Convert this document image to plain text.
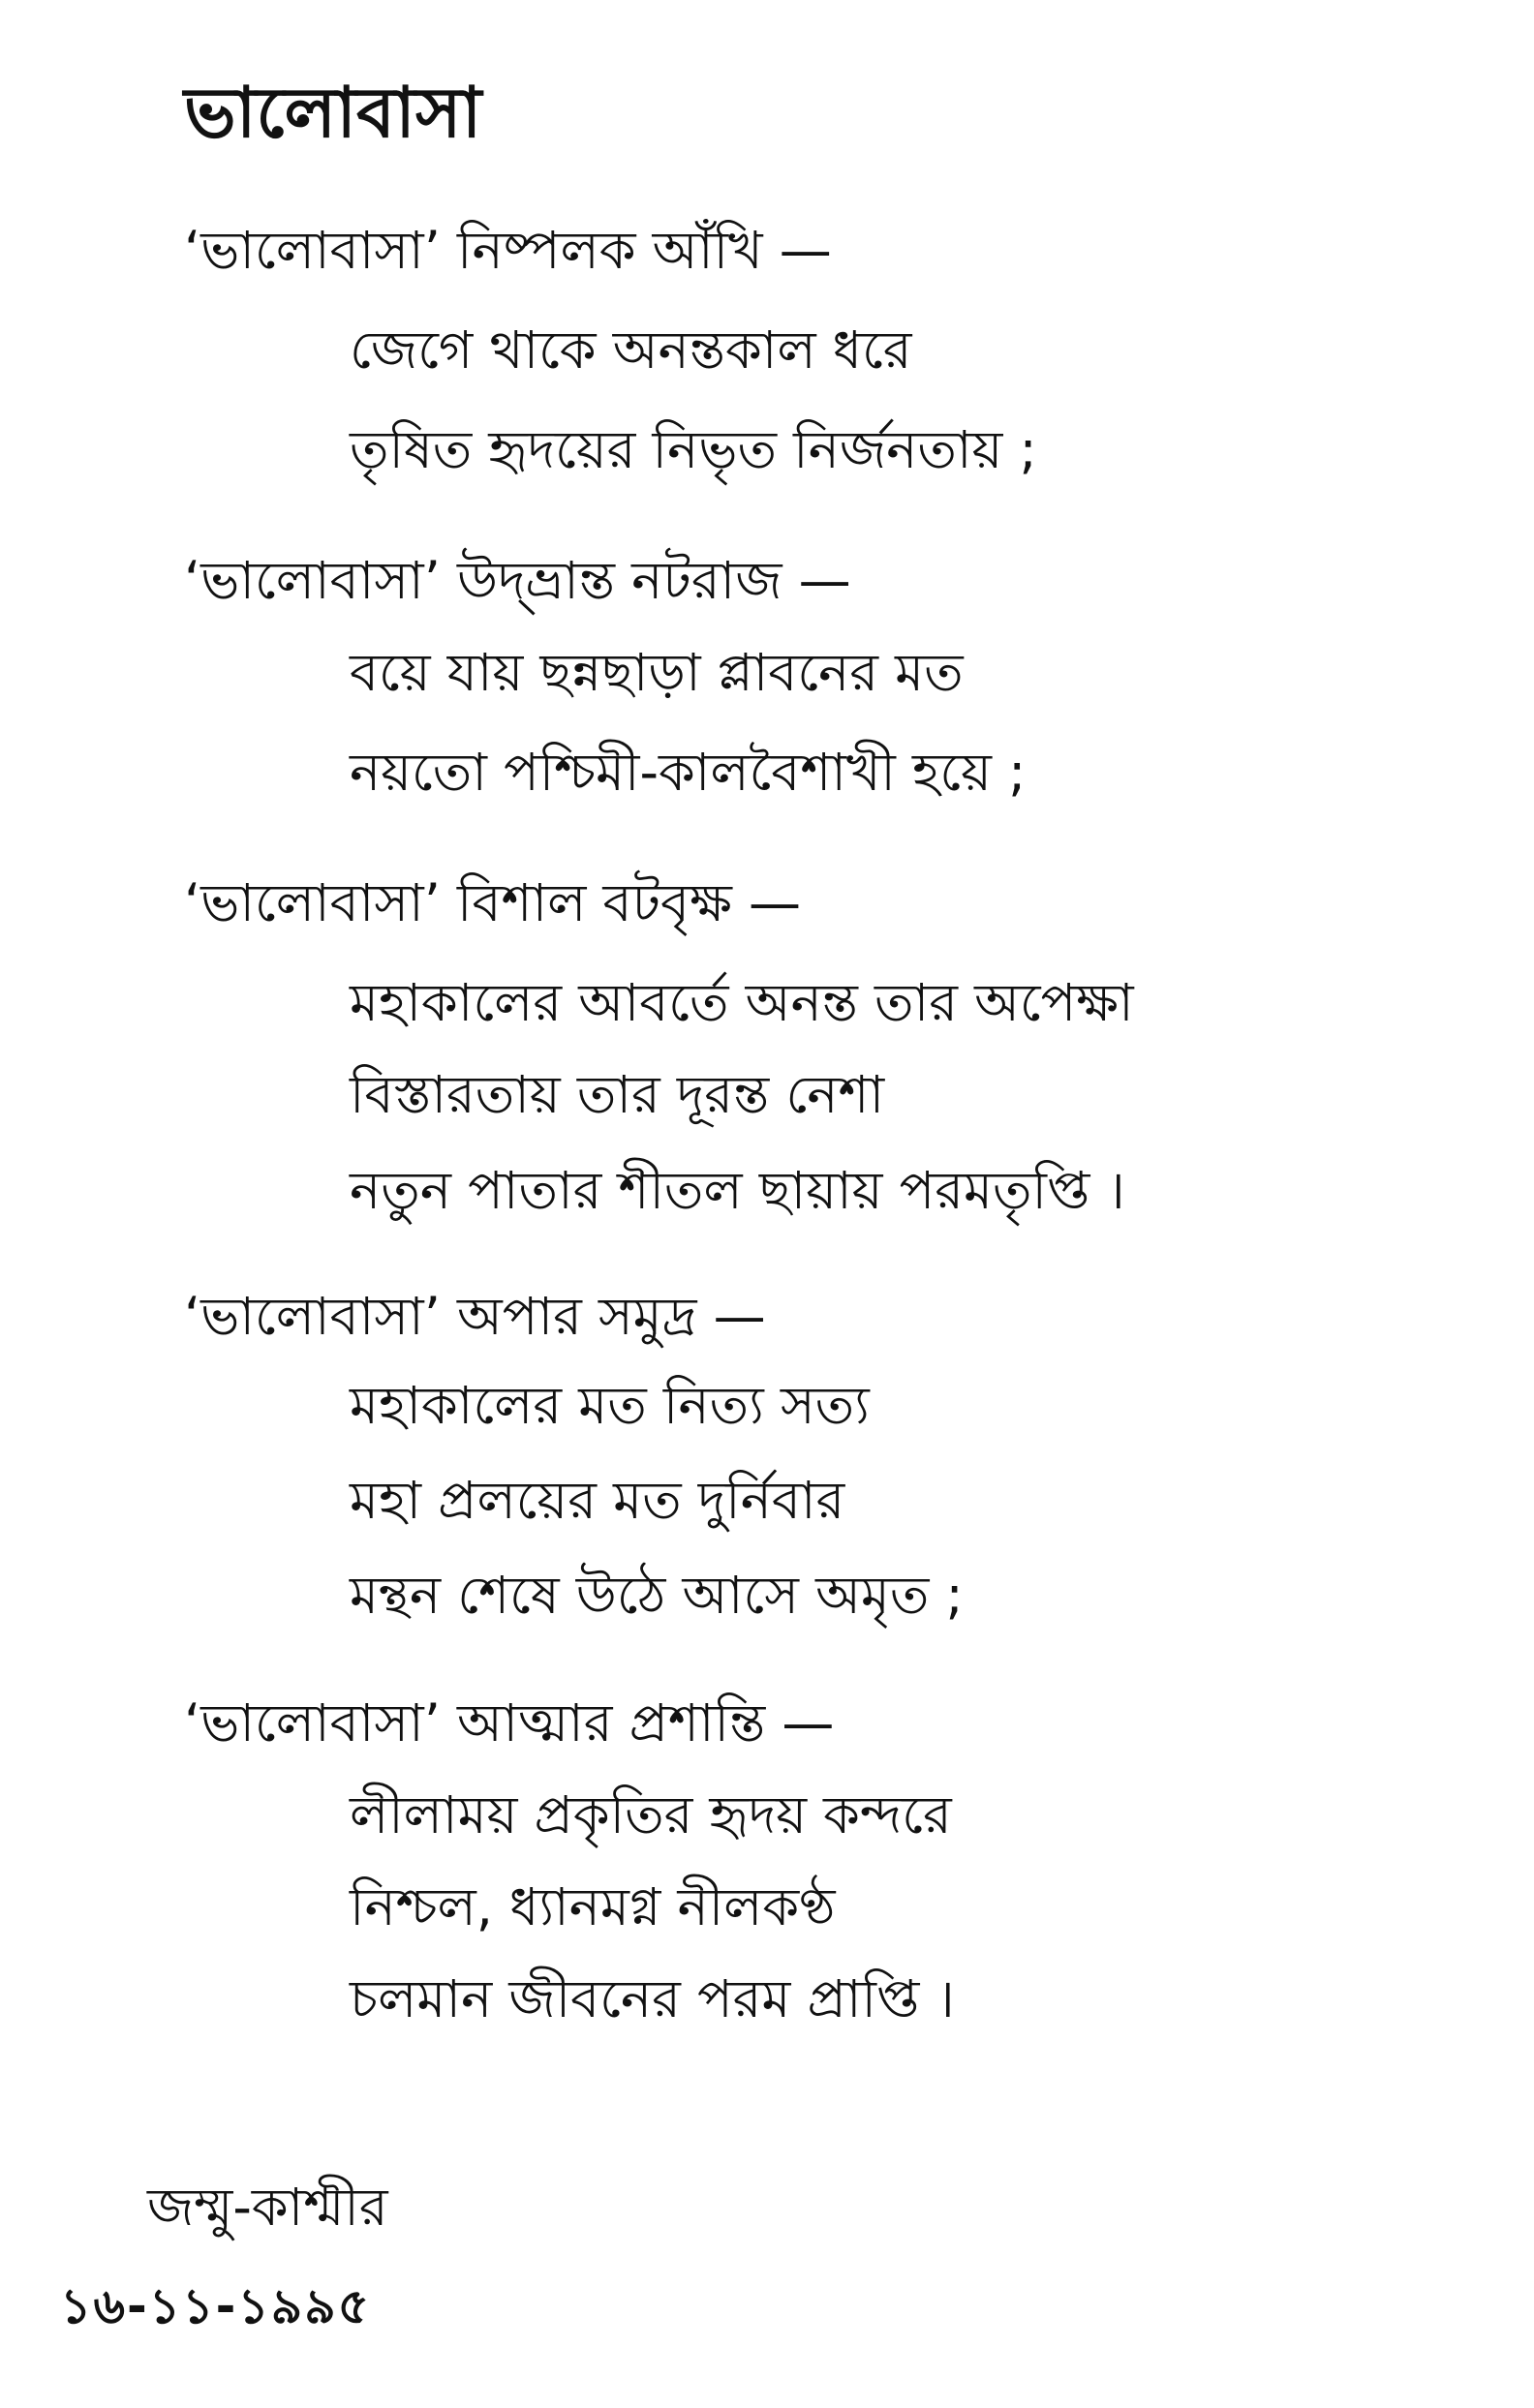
ভালোবাসা
‘ভালোবাসা’ নিষ্পলক আঁখি —
জেগে থাকে অনন্তকাল ধরে
তৃষিত হৃদয়ের নিভৃত নির্জনতায় ;
‘ভালোবাসা’ উদ্‌ভ্রান্ত নটরাজ —
বয়ে যায় ছন্নছাড়া প্লাবনের মত
নয়তো পশ্চিমী-কালবৈশাখী হয়ে ;
‘ভালোবাসা’ বিশাল বটবৃক্ষ —
মহাকালের আবর্তে অনন্ত তার অপেক্ষা
বিস্তারতায় তার দূরন্ত নেশা
নতুন পাতার শীতল ছায়ায় পরমতৃপ্তি ।
‘ভালোবাসা’ অপার সমুদ্র —
মহাকালের মত নিত্য সত্য
মহা প্রলয়ের মত দুর্নিবার
মন্থন শেষে উঠে আসে অমৃত ;
‘ভালোবাসা’ আত্মার প্রশান্তি —
লীলাময় প্রকৃতির হৃদয় কন্দরে
নিশ্চল, ধ্যানমগ্ন নীলকণ্ঠ
চলমান জীবনের পরম প্রাপ্তি ।
জম্মু-কাশ্মীর
১৬-১১-১৯৯৫
